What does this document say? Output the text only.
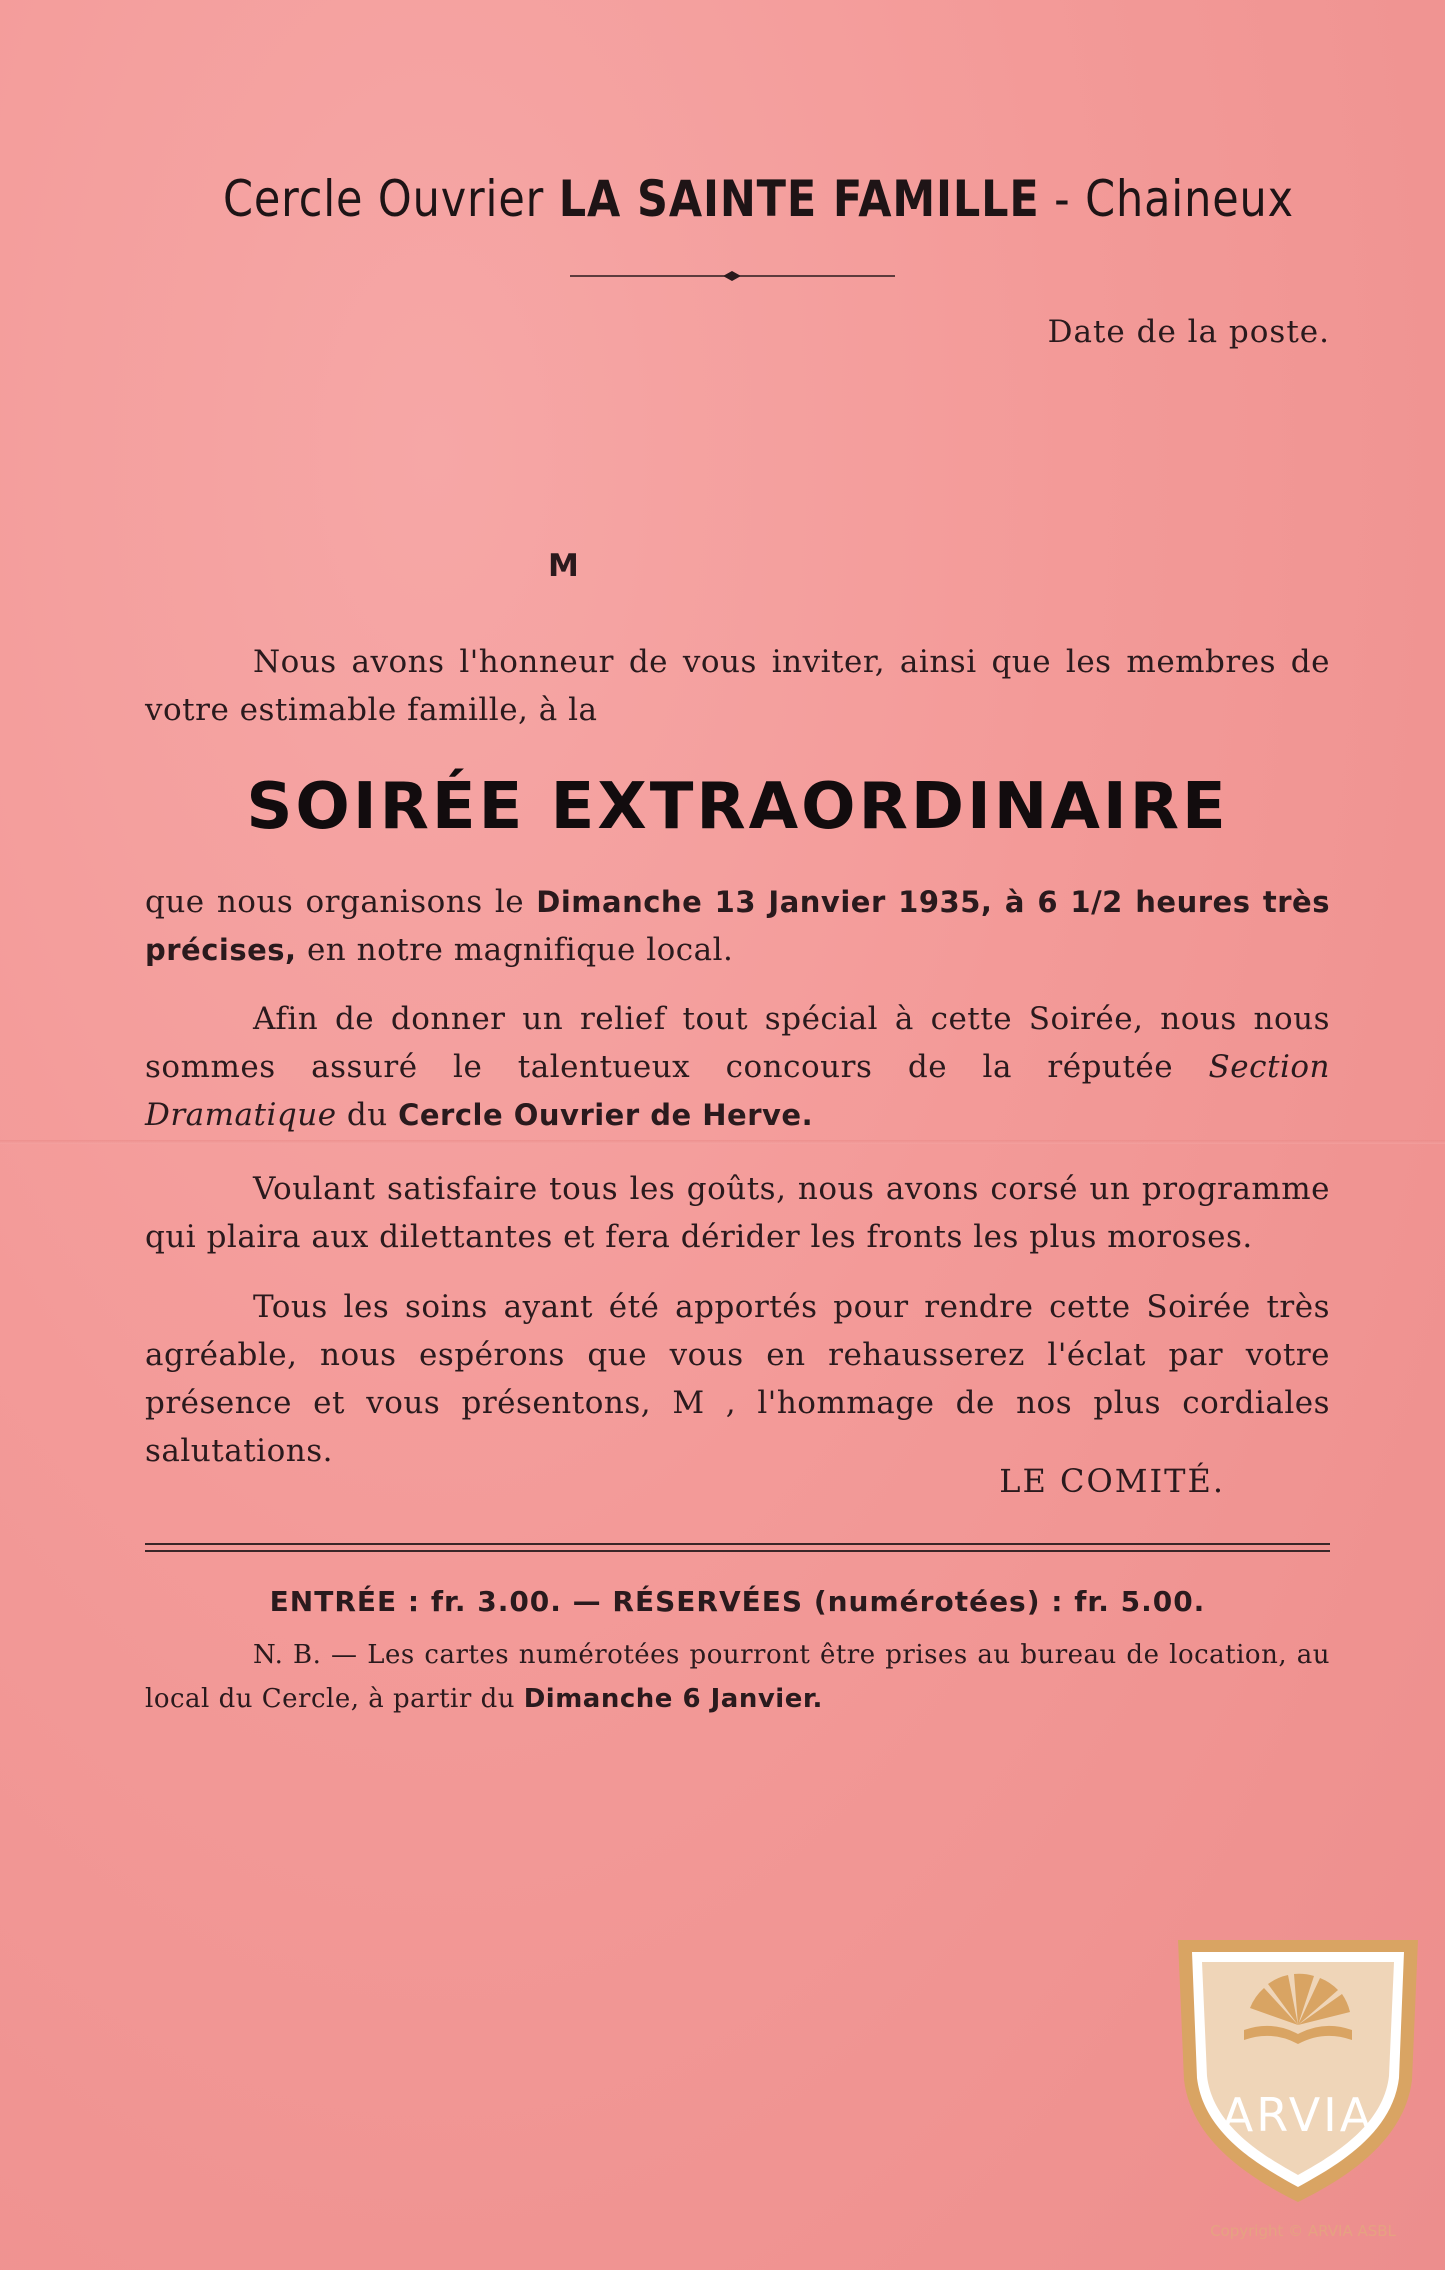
Cercle Ouvrier LA SAINTE FAMILLE - Chaineux
Date de la poste.
M
Nous avons l'honneur de vous inviter, ainsi que les membres de votre estimable famille, à la
SOIRÉE EXTRAORDINAIRE
que nous organisons le Dimanche 13 Janvier 1935, à 6 1/2 heures très précises, en notre magnifique local.
Afin de donner un relief tout spécial à cette Soirée, nous nous sommes assuré le talentueux concours de la réputée Section Dramatique du Cercle Ouvrier de Herve.
Voulant satisfaire tous les goûts, nous avons corsé un programme qui plaira aux dilettantes et fera dérider les fronts les plus moroses.
Tous les soins ayant été apportés pour rendre cette Soirée très agréable, nous espérons que vous en rehausserez l'éclat par votre présence et vous présentons, M , l'hommage de nos plus cordiales salutations.
LE COMITÉ.
ENTRÉE : fr. 3.00. — RÉSERVÉES (numérotées) : fr. 5.00.
N. B. — Les cartes numérotées pourront être prises au bureau de location, au local du Cercle, à partir du Dimanche 6 Janvier.
ARVIA
Copyright © ARVIA ASBL
